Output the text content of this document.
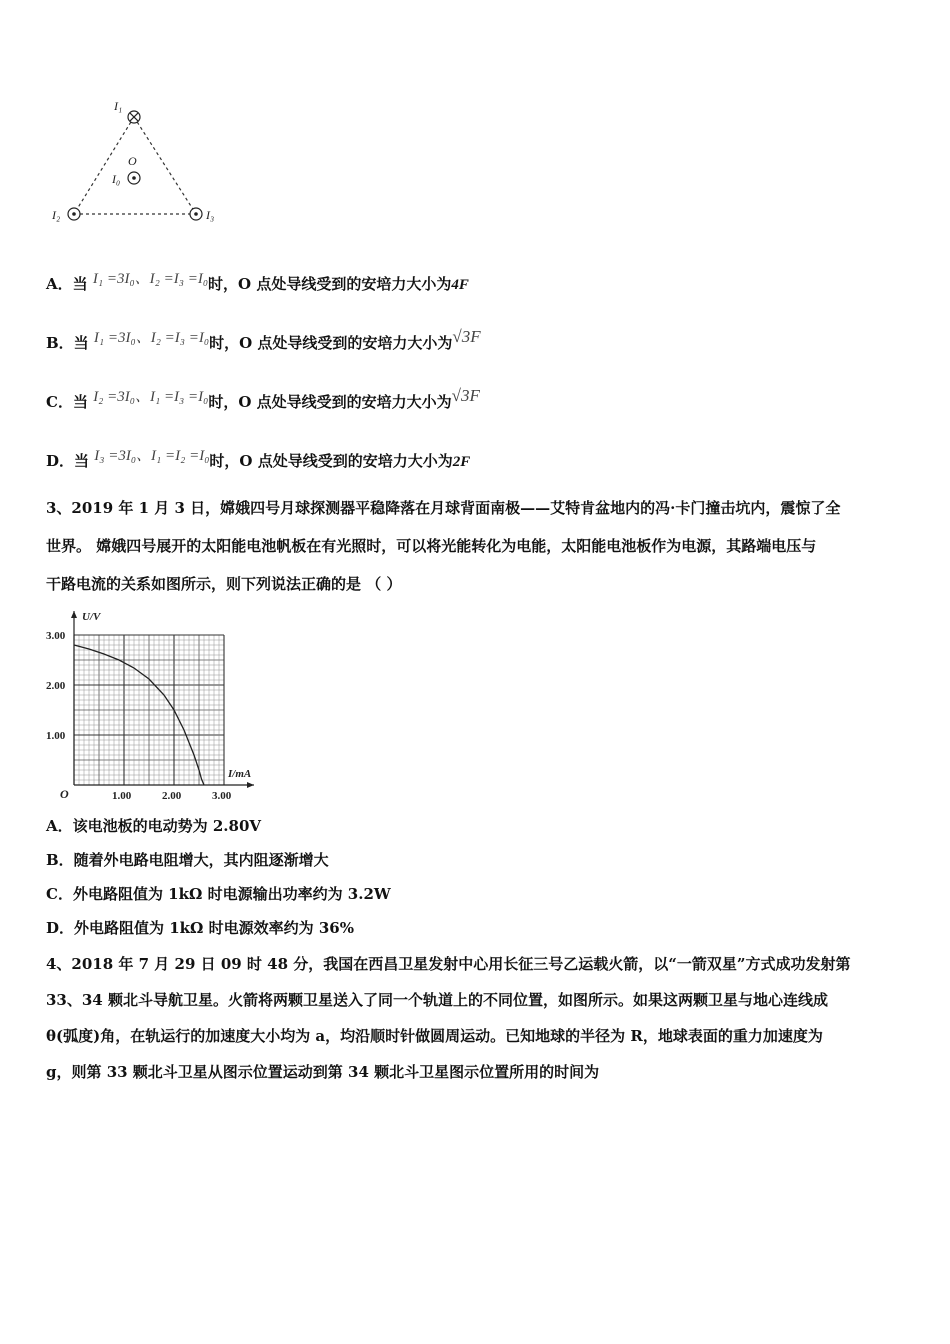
I₁
O
I₀
I₂	I₃
A．当 I₁ =3I₀、I₂ =I₃ =I₀时，O 点处导线受到的安培力大小为4F
B．当 I₁ =3I₀、I₂ =I₃ =I₀时，O 点处导线受到的安培力大小为√3F
C．当 I₂ =3I₀、I₁ =I₃ =I₀时，O 点处导线受到的安培力大小为√3F
D．当 I₃ =3I₀、I₁ =I₂ =I₀时，O 点处导线受到的安培力大小为2F
3、2019 年 1 月 3 日，嫦娥四号月球探测器平稳降落在月球背面南极——艾特肯盆地内的冯·卡门撞击坑内，震惊了全
世界。 嫦娥四号展开的太阳能电池帆板在有光照时，可以将光能转化为电能，太阳能电池板作为电源，其路端电压与
干路电流的关系如图所示，则下列说法正确的是 （ ）
1.00	2.00	3.00
1.00
2.00
3.00
U/V
I/mA
O
A．该电池板的电动势为 2.80V
B．随着外电路电阻增大，其内阻逐渐增大
C．外电路阻值为 1kΩ 时电源输出功率约为 3.2W
D．外电路阻值为 1kΩ 时电源效率约为 36%
4、2018 年 7 月 29 日 09 时 48 分，我国在西昌卫星发射中心用长征三号乙运载火箭，以“一箭双星”方式成功发射第
33、34 颗北斗导航卫星。火箭将两颗卫星送入了同一个轨道上的不同位置，如图所示。如果这两颗卫星与地心连线成
θ(弧度)角，在轨运行的加速度大小均为 a，均沿顺时针做圆周运动。已知地球的半径为 R，地球表面的重力加速度为
g，则第 33 颗北斗卫星从图示位置运动到第 34 颗北斗卫星图示位置所用的时间为
